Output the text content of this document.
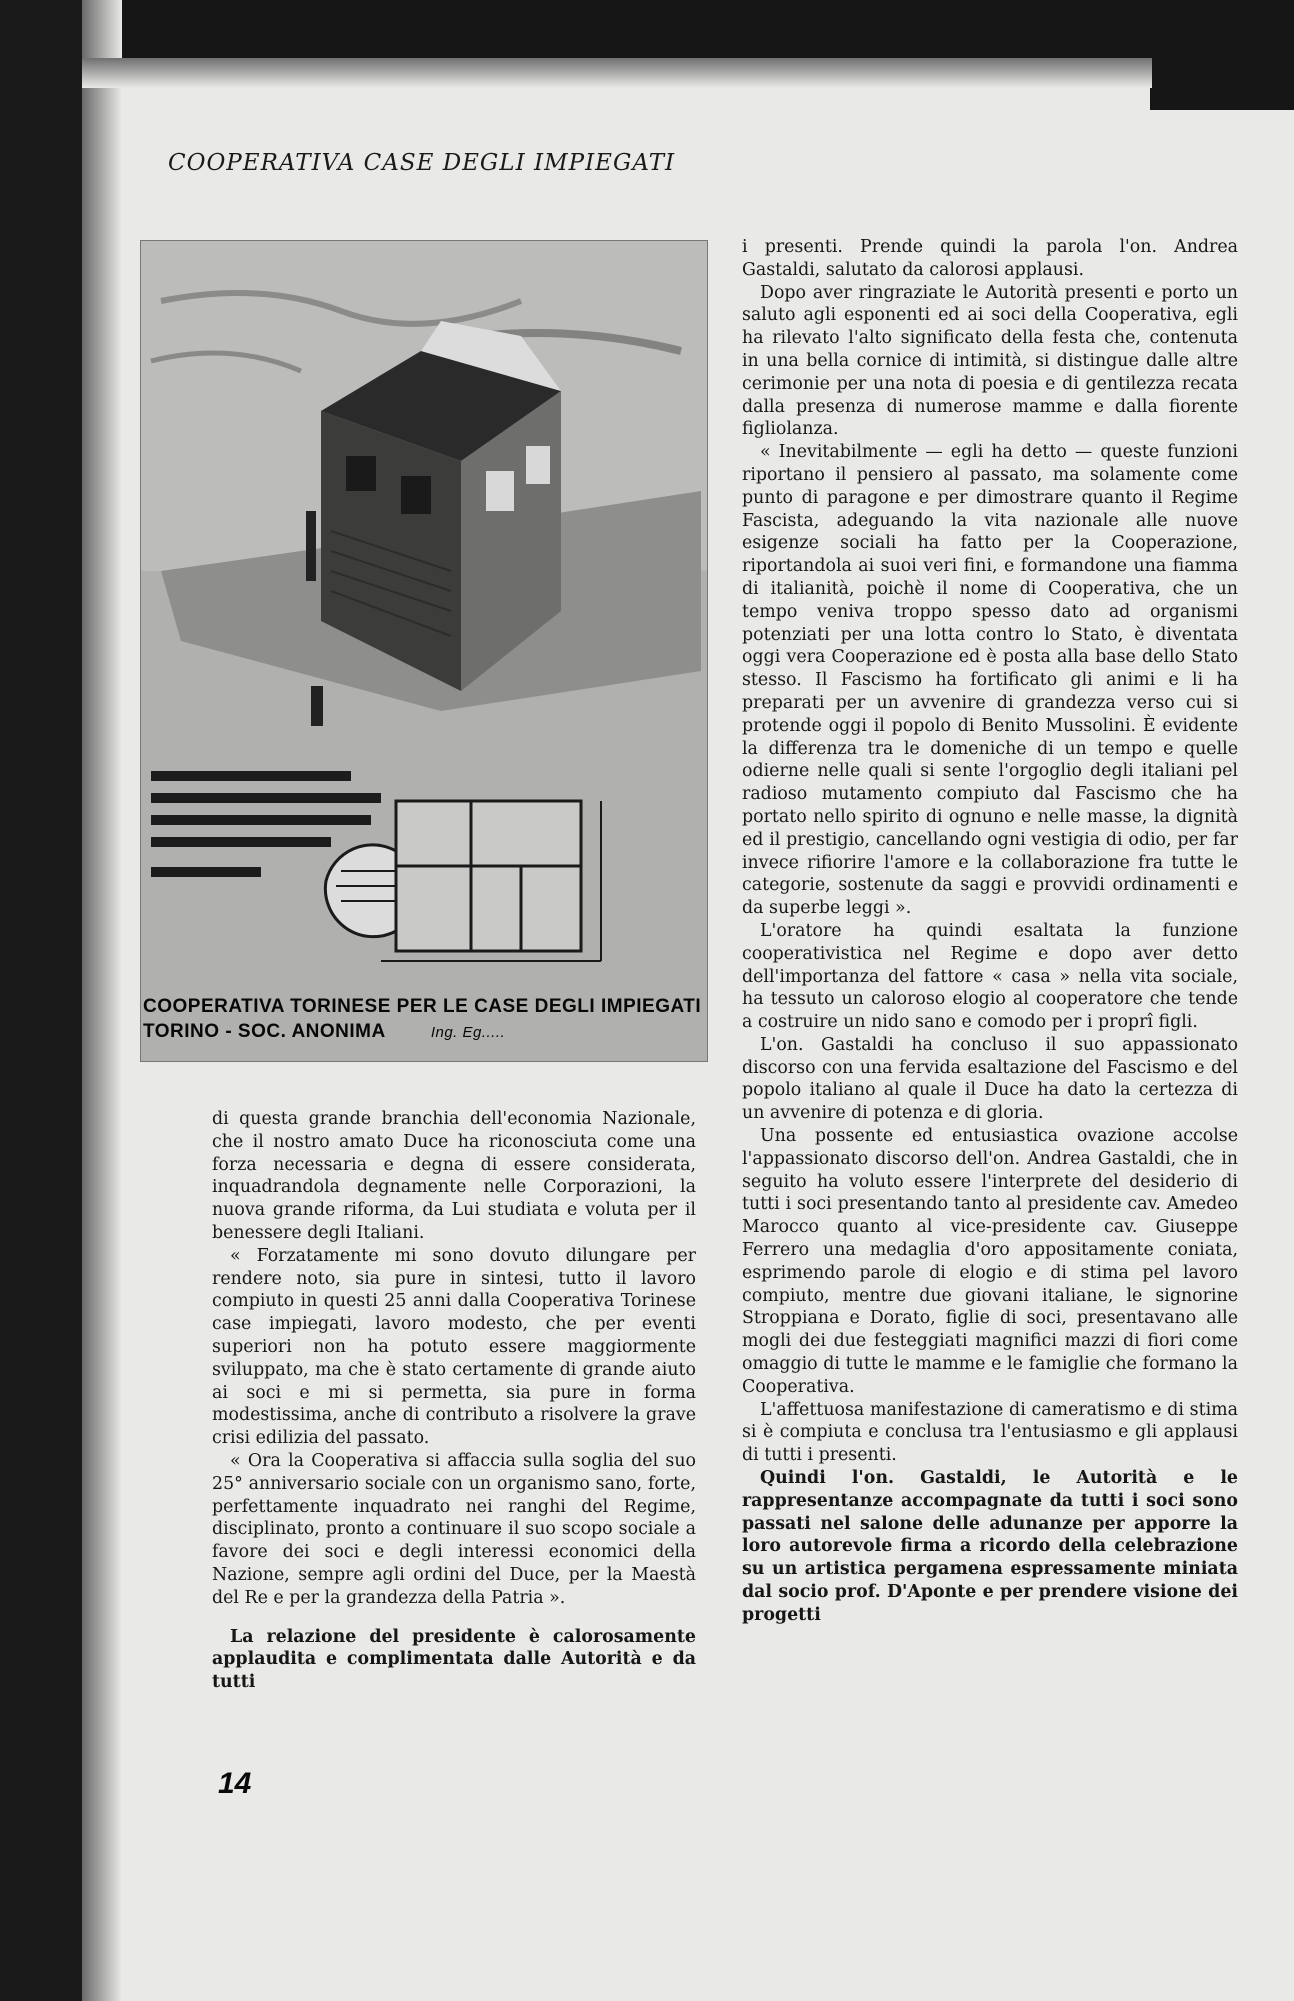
COOPERATIVA CASE DEGLI IMPIEGATI
COOPERATIVA TORINESE PER LE CASE DEGLI IMPIEGATI
TORINO - SOC. ANONIMA	Ing. Eg.....

di questa grande branchia dell'economia Nazionale, che il nostro amato Duce ha riconosciuta come una forza necessaria e degna di essere considerata, inquadrandola degnamente nelle Corporazioni, la nuova grande riforma, da Lui studiata e voluta per il benessere degli Italiani.

« Forzatamente mi sono dovuto dilungare per rendere noto, sia pure in sintesi, tutto il lavoro compiuto in questi 25 anni dalla Cooperativa Torinese case impiegati, lavoro modesto, che per eventi superiori non ha potuto essere maggiormente sviluppato, ma che è stato certamente di grande aiuto ai soci e mi si permetta, sia pure in forma modestissima, anche di contributo a risolvere la grave crisi edilizia del passato.

« Ora la Cooperativa si affaccia sulla soglia del suo 25° anniversario sociale con un organismo sano, forte, perfettamente inquadrato nei ranghi del Regime, disciplinato, pronto a continuare il suo scopo sociale a favore dei soci e degli interessi economici della Nazione, sempre agli ordini del Duce, per la Maestà del Re e per la grandezza della Patria ».

La relazione del presidente è calorosamente applaudita e complimentata dalle Autorità e da tutti

i presenti. Prende quindi la parola l'on. Andrea Gastaldi, salutato da calorosi applausi.

Dopo aver ringraziate le Autorità presenti e porto un saluto agli esponenti ed ai soci della Cooperativa, egli ha rilevato l'alto significato della festa che, contenuta in una bella cornice di intimità, si distingue dalle altre cerimonie per una nota di poesia e di gentilezza recata dalla presenza di numerose mamme e dalla fiorente figliolanza.

« Inevitabilmente — egli ha detto — queste funzioni riportano il pensiero al passato, ma solamente come punto di paragone e per dimostrare quanto il Regime Fascista, adeguando la vita nazionale alle nuove esigenze sociali ha fatto per la Cooperazione, riportandola ai suoi veri fini, e formandone una fiamma di italianità, poichè il nome di Cooperativa, che un tempo veniva troppo spesso dato ad organismi potenziati per una lotta contro lo Stato, è diventata oggi vera Cooperazione ed è posta alla base dello Stato stesso. Il Fascismo ha fortificato gli animi e li ha preparati per un avvenire di grandezza verso cui si protende oggi il popolo di Benito Mussolini. È evidente la differenza tra le domeniche di un tempo e quelle odierne nelle quali si sente l'orgoglio degli italiani pel radioso mutamento compiuto dal Fascismo che ha portato nello spirito di ognuno e nelle masse, la dignità ed il prestigio, cancellando ogni vestigia di odio, per far invece rifiorire l'amore e la collaborazione fra tutte le categorie, sostenute da saggi e provvidi ordinamenti e da superbe leggi ».

L'oratore ha quindi esaltata la funzione cooperativistica nel Regime e dopo aver detto dell'importanza del fattore « casa » nella vita sociale, ha tessuto un caloroso elogio al cooperatore che tende a costruire un nido sano e comodo per i proprî figli.

L'on. Gastaldi ha concluso il suo appassionato discorso con una fervida esaltazione del Fascismo e del popolo italiano al quale il Duce ha dato la certezza di un avvenire di potenza e di gloria.

Una possente ed entusiastica ovazione accolse l'appassionato discorso dell'on. Andrea Gastaldi, che in seguito ha voluto essere l'interprete del desiderio di tutti i soci presentando tanto al presidente cav. Amedeo Marocco quanto al vice-presidente cav. Giuseppe Ferrero una medaglia d'oro appositamente coniata, esprimendo parole di elogio e di stima pel lavoro compiuto, mentre due giovani italiane, le signorine Stroppiana e Dorato, figlie di soci, presentavano alle mogli dei due festeggiati magnifici mazzi di fiori come omaggio di tutte le mamme e le famiglie che formano la Cooperativa.

L'affettuosa manifestazione di cameratismo e di stima si è compiuta e conclusa tra l'entusiasmo e gli applausi di tutti i presenti.

Quindi l'on. Gastaldi, le Autorità e le rappresentanze accompagnate da tutti i soci sono passati nel salone delle adunanze per apporre la loro autorevole firma a ricordo della celebrazione su un artistica pergamena espressamente miniata dal socio prof. D'Aponte e per prendere visione dei progetti

14
